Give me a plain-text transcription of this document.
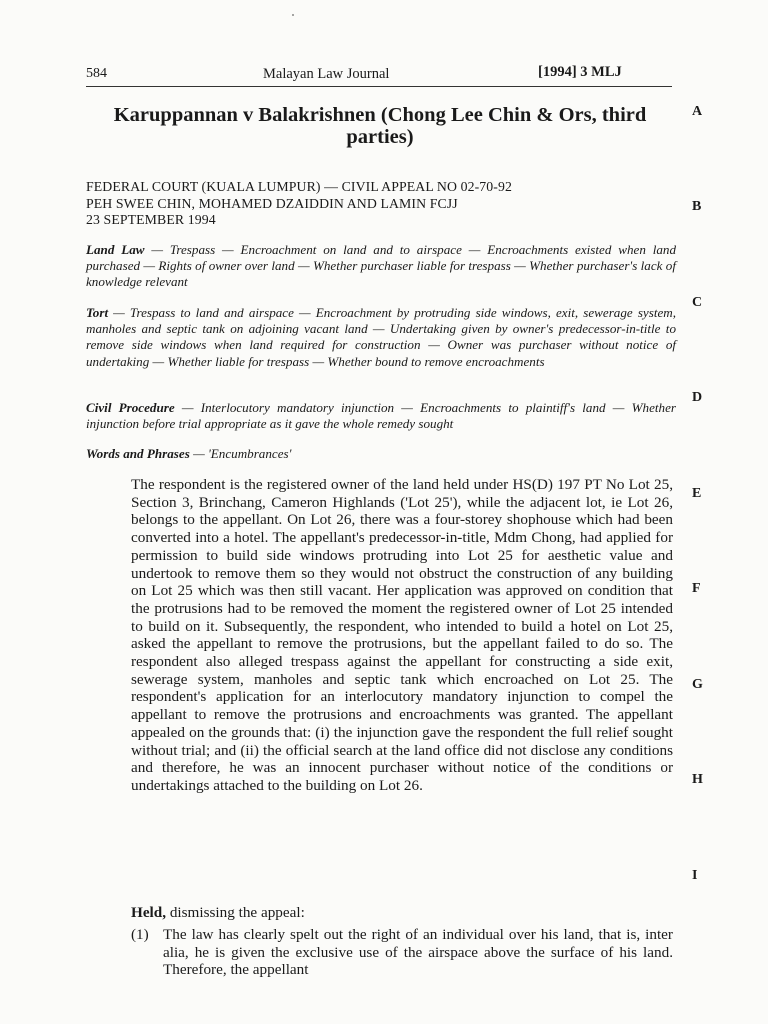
584	Malayan Law Journal	[1994] 3 MLJ
Karuppannan v Balakrishnen (Chong Lee Chin & Ors, third parties)
FEDERAL COURT (KUALA LUMPUR) — CIVIL APPEAL NO 02-70-92
PEH SWEE CHIN, MOHAMED DZAIDDIN AND LAMIN FCJJ
23 SEPTEMBER 1994
Land Law — Trespass — Encroachment on land and to airspace — Encroachments existed when land purchased — Rights of owner over land — Whether purchaser liable for trespass — Whether purchaser's lack of knowledge relevant
Tort — Trespass to land and airspace — Encroachment by protruding side windows, exit, sewerage system, manholes and septic tank on adjoining vacant land — Undertaking given by owner's predecessor-in-title to remove side windows when land required for construction — Owner was purchaser without notice of undertaking — Whether liable for trespass — Whether bound to remove encroachments
Civil Procedure — Interlocutory mandatory injunction — Encroachments to plaintiff's land — Whether injunction before trial appropriate as it gave the whole remedy sought
Words and Phrases — 'Encumbrances'
The respondent is the registered owner of the land held under HS(D) 197 PT No Lot 25, Section 3, Brinchang, Cameron Highlands ('Lot 25'), while the adjacent lot, ie Lot 26, belongs to the appellant. On Lot 26, there was a four-storey shophouse which had been converted into a hotel. The appellant's predecessor-in-title, Mdm Chong, had applied for permission to build side windows protruding into Lot 25 for aesthetic value and undertook to remove them so they would not obstruct the construction of any building on Lot 25 which was then still vacant. Her application was approved on condition that the protrusions had to be removed the moment the registered owner of Lot 25 intended to build on it. Subsequently, the respondent, who intended to build a hotel on Lot 25, asked the appellant to remove the protrusions, but the appellant failed to do so. The respondent also alleged trespass against the appellant for constructing a side exit, sewerage system, manholes and septic tank which encroached on Lot 25. The respondent's application for an interlocutory mandatory injunction to compel the appellant to remove the protrusions and encroachments was granted. The appellant appealed on the grounds that: (i) the injunction gave the respondent the full relief sought without trial; and (ii) the official search at the land office did not disclose any conditions and therefore, he was an innocent purchaser without notice of the conditions or undertakings attached to the building on Lot 26.
Held, dismissing the appeal:
(1) The law has clearly spelt out the right of an individual over his land, that is, inter alia, he is given the exclusive use of the airspace above the surface of his land. Therefore, the appellant
A
B
C
D
E
F
G
H
I
